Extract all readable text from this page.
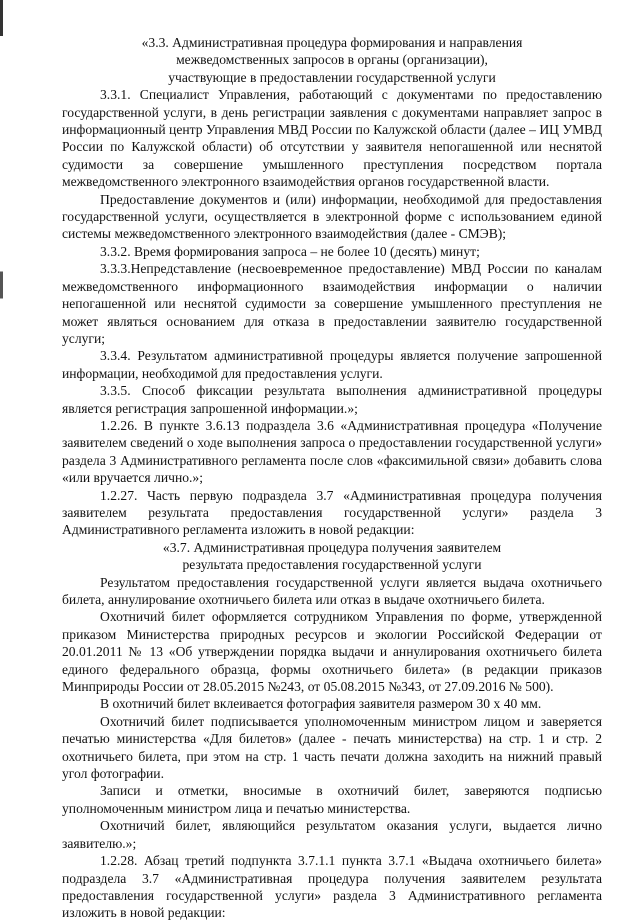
«3.3. Административная процедура формирования и направления
межведомственных запросов в органы (организации),
участвующие в предоставлении государственной услуги

3.3.1. Специалист Управления, работающий с документами по предоставлению государственной услуги, в день регистрации заявления с документами направляет запрос в информационный центр Управления МВД России по Калужской области (далее – ИЦ УМВД России по Калужской области) об отсутствии у заявителя непогашенной или неснятой судимости за совершение умышленного преступления посредством портала межведомственного электронного взаимодействия органов государственной власти.

Предоставление документов и (или) информации, необходимой для предоставления государственной услуги, осуществляется в электронной форме с использованием единой системы межведомственного электронного взаимодействия (далее - СМЭВ);

3.3.2. Время формирования запроса – не более 10 (десять) минут;

3.3.3.Непредставление (несвоевременное предоставление) МВД России по каналам межведомственного информационного взаимодействия информации о наличии непогашенной или неснятой судимости за совершение умышленного преступления не может являться основанием для отказа в предоставлении заявителю государственной услуги;

3.3.4. Результатом административной процедуры является получение запрошенной информации, необходимой для предоставления услуги.

3.3.5. Способ фиксации результата выполнения административной процедуры является регистрация запрошенной информации.»;

1.2.26. В пункте 3.6.13 подраздела 3.6 «Административная процедура «Получение заявителем сведений о ходе выполнения запроса о предоставлении государственной услуги» раздела 3 Административного регламента после слов «факсимильной связи» добавить слова «или вручается лично.»;

1.2.27. Часть первую подраздела 3.7 «Административная процедура получения заявителем результата предоставления государственной услуги» раздела 3 Административного регламента изложить в новой редакции:

«3.7. Административная процедура получения заявителем
результата предоставления государственной услуги

Результатом предоставления государственной услуги является выдача охотничьего билета, аннулирование охотничьего билета или отказ в выдаче охотничьего билета.

Охотничий билет оформляется сотрудником Управления по форме, утвержденной приказом Министерства природных ресурсов и экологии Российской Федерации от 20.01.2011 № 13 «Об утверждении порядка выдачи и аннулирования охотничьего билета единого федерального образца, формы охотничьего билета» (в редакции приказов Минприроды России от 28.05.2015 №243, от 05.08.2015 №343, от 27.09.2016 № 500).

В охотничий билет вклеивается фотография заявителя размером 30 х 40 мм.

Охотничий билет подписывается уполномоченным министром лицом и заверяется печатью министерства «Для билетов» (далее - печать министерства) на стр. 1 и стр. 2 охотничьего билета, при этом на стр. 1 часть печати должна заходить на нижний правый угол фотографии.

Записи и отметки, вносимые в охотничий билет, заверяются подписью уполномоченным министром лица и печатью министерства.

Охотничий билет, являющийся результатом оказания услуги, выдается лично заявителю.»;

1.2.28. Абзац третий подпункта 3.7.1.1 пункта 3.7.1 «Выдача охотничьего билета» подраздела 3.7 «Административная процедура получения заявителем результата предоставления государственной услуги» раздела 3 Административного регламента изложить в новой редакции:
